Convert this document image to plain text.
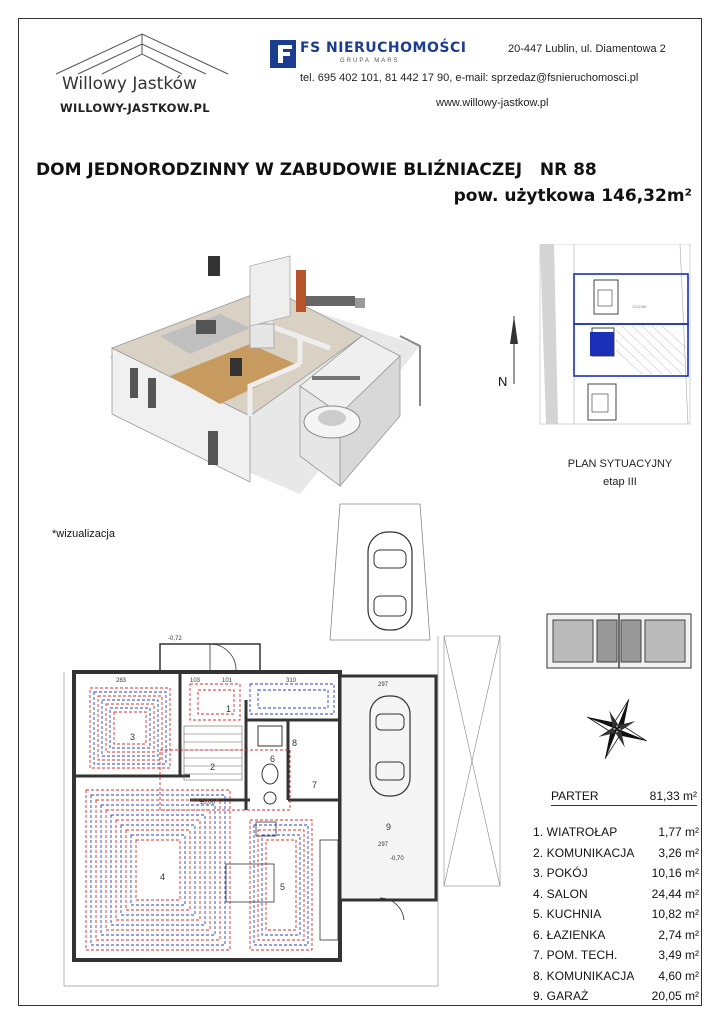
Willowy Jastków
WILLOWY-JASTKOW.PL
FS NIERUCHOMOŚCI
GRUPA MARS
20-447 Lublin, ul. Diamentowa 2
tel. 695 402 101, 81 442 17 90, e-mail: sprzedaz@fsnieruchomosci.pl
www.willowy-jastkow.pl
DOM JEDNORODZINNY W ZABUDOWIE BLIŹNIACZEJ   NR 88
pow. użytkowa 146,32m²
1042/86
N
PLAN SYTUACYJNY
etap III
*wizualizacja
1
2
3
4
5
6
7
8
9
283	103	101	310
297
297
-0,72
±0,00
-0,70
PARTER	81,33 m²
1. WIATROŁAP	1,77 m²
2. KOMUNIKACJA 3,26 m²
3. POKÓJ	10,16 m²
4. SALON	24,44 m²
5. KUCHNIA	10,82 m²
6. ŁAZIENKA	2,74 m²
7. POM. TECH.	3,49 m²
8. KOMUNIKACJA 4,60 m²
9. GARAŻ	20,05 m²
